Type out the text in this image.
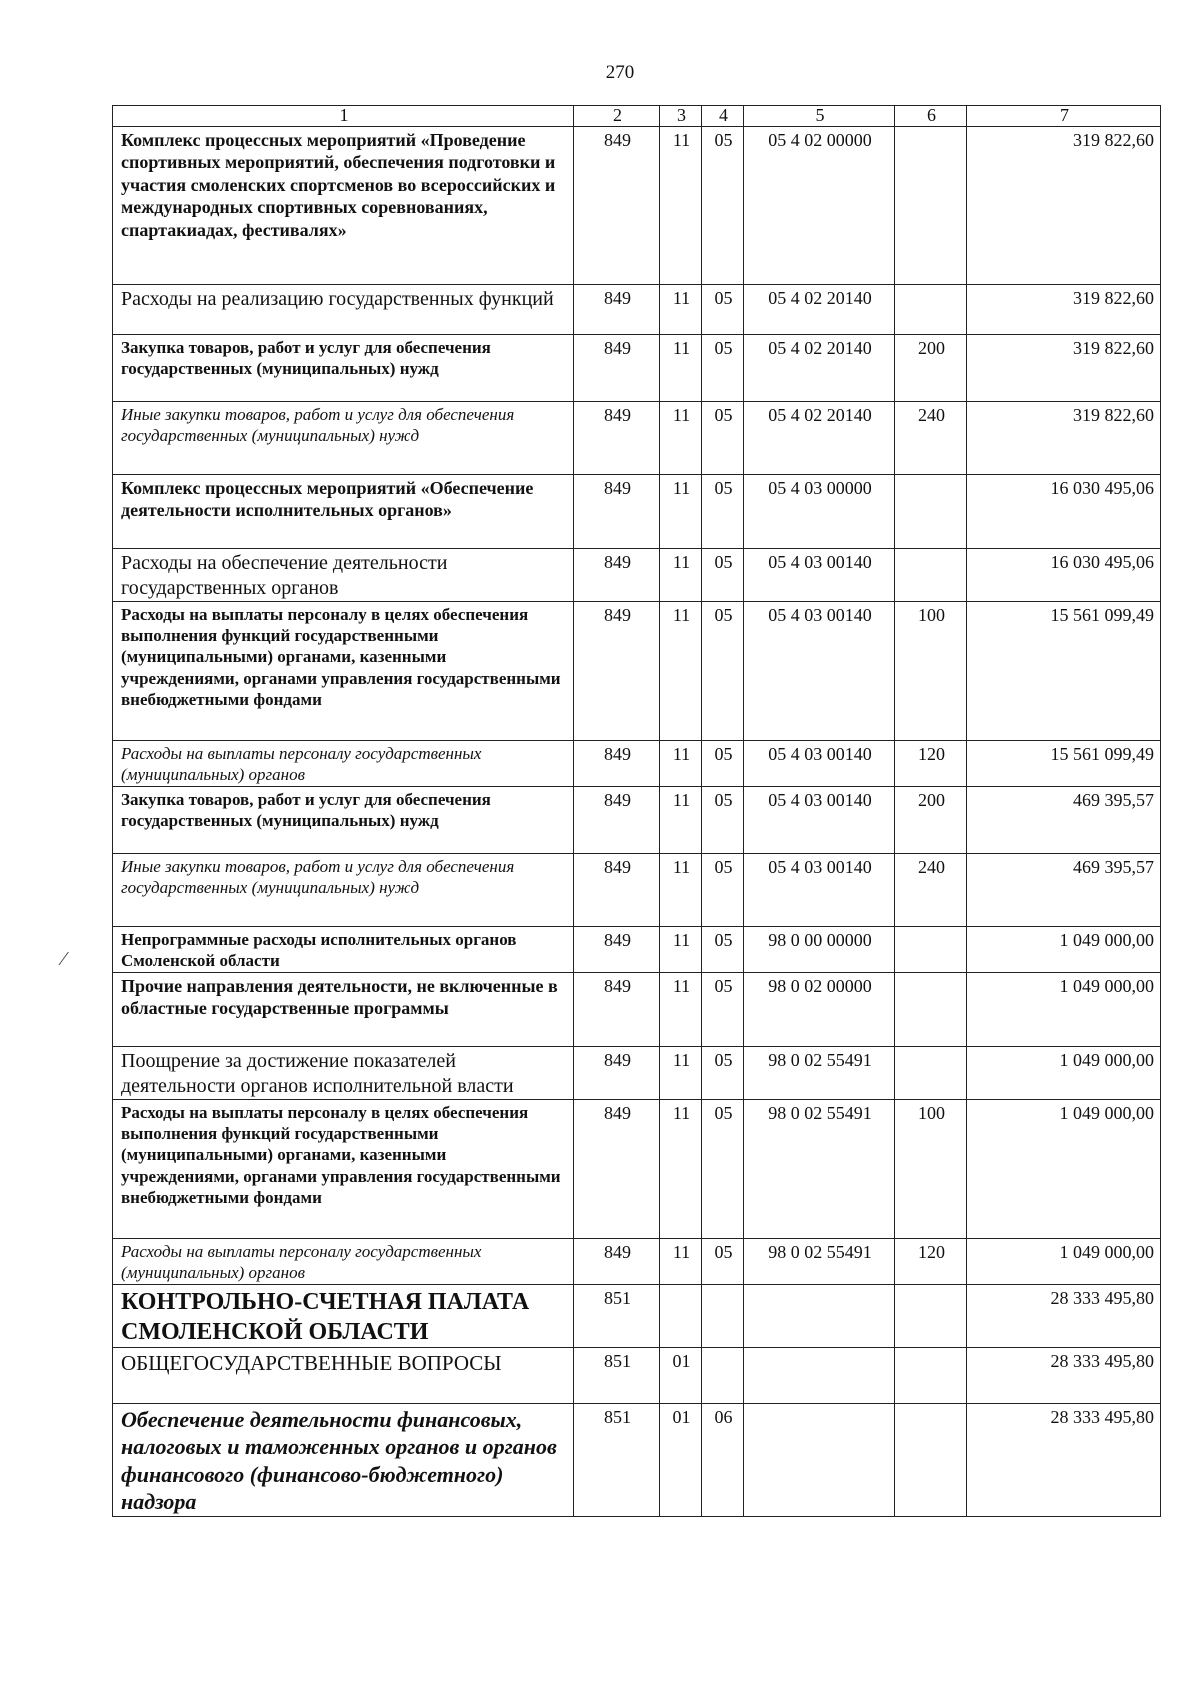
270
1	2	3	4	5	6	7
Комплекс процессных мероприятий «Проведение спортивных мероприятий, обеспечения подготовки и участия смоленских спортсменов во всероссийских и международных спортивных соревнованиях, спартакиадах, фестивалях»	849	11	05	05 4 02 00000		319 822,60
Расходы на реализацию государственных функций	849	11	05	05 4 02 20140		319 822,60
Закупка товаров, работ и услуг для обеспечения государственных (муниципальных) нужд	849	11	05	05 4 02 20140	200	319 822,60
Иные закупки товаров, работ и услуг для обеспечения государственных (муниципальных) нужд	849	11	05	05 4 02 20140	240	319 822,60
Комплекс процессных мероприятий «Обеспечение деятельности исполнительных органов»	849	11	05	05 4 03 00000		16 030 495,06
Расходы на обеспечение деятельности государственных органов	849	11	05	05 4 03 00140		16 030 495,06
Расходы на выплаты персоналу в целях обеспечения выполнения функций государственными (муниципальными) органами, казенными учреждениями, органами управления государственными внебюджетными фондами	849	11	05	05 4 03 00140	100	15 561 099,49
Расходы на выплаты персоналу государственных (муниципальных) органов	849	11	05	05 4 03 00140	120	15 561 099,49
Закупка товаров, работ и услуг для обеспечения государственных (муниципальных) нужд	849	11	05	05 4 03 00140	200	469 395,57
Иные закупки товаров, работ и услуг для обеспечения государственных (муниципальных) нужд	849	11	05	05 4 03 00140	240	469 395,57
Непрограммные расходы исполнительных органов Смоленской области	849	11	05	98 0 00 00000		1 049 000,00
Прочие направления деятельности, не включенные в областные государственные программы	849	11	05	98 0 02 00000		1 049 000,00
Поощрение за достижение показателей деятельности органов исполнительной власти	849	11	05	98 0 02 55491		1 049 000,00
Расходы на выплаты персоналу в целях обеспечения выполнения функций государственными (муниципальными) органами, казенными учреждениями, органами управления государственными внебюджетными фондами	849	11	05	98 0 02 55491	100	1 049 000,00
Расходы на выплаты персоналу государственных (муниципальных) органов	849	11	05	98 0 02 55491	120	1 049 000,00
КОНТРОЛЬНО-СЧЕТНАЯ ПАЛАТА СМОЛЕНСКОЙ ОБЛАСТИ	851					28 333 495,80
ОБЩЕГОСУДАРСТВЕННЫЕ ВОПРОСЫ	851	01				28 333 495,80
Обеспечение деятельности финансовых, налоговых и таможенных органов и органов финансового (финансово-бюджетного) надзора	851	01	06			28 333 495,80
⁄
